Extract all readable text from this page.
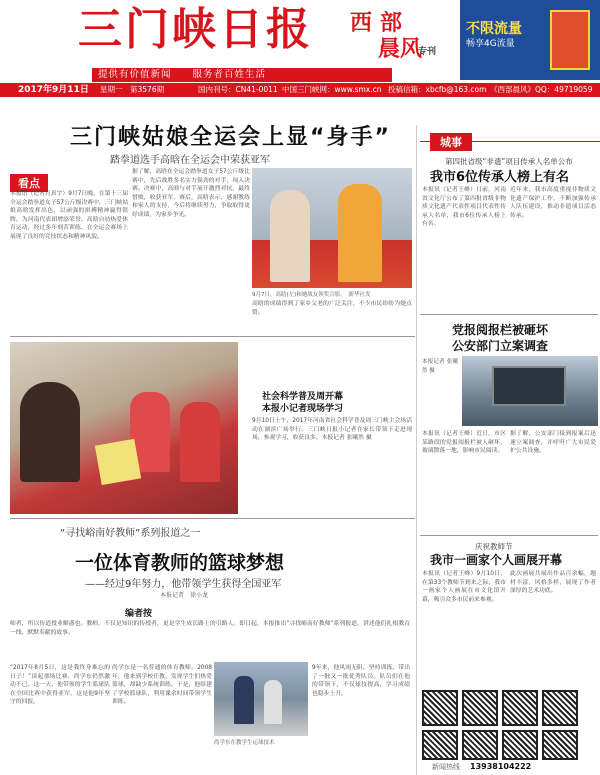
三门峡日报
提供有价值新闻　　服务者百姓生活
西 部
晨风
专刊
不限流量
畅享4G流量
2017年9月11日 星期一　第3576期	国内刊号：CN41-0011 中国三门峡网：www.smx.cn 投稿信箱：xbcfb@163.com 《西部晨风》QQ：49719059
三门峡姑娘全运会上显“身手”
踏拳道选手高晗在全运会中荣获亚军
看点
本报讯（记者肖真宇）9月7日晚，在第十三届全运会踏拳道女子57公斤级决赛中，三门峡姑娘高晗发挥出色，以顽强的拼搏精神赢得银牌，为河南代表团增添荣誉。高晗自幼热爱体育运动，经过多年刻苦训练，在全运会赛场上展现了良好的竞技状态和精神风貌。
据了解，高晗在全运会踏拳道女子57公斤级比赛中，先后战胜多名实力强劲的对手，闯入决赛。决赛中，高晗与对手展开激烈对抗，最终惜败，收获亚军。赛后，高晗表示，感谢教练和家人的支持，今后将继续努力，争取取得更好成绩，为家乡争光。
9月7日，高晗(左)和她战友领奖合影。　新华社发
高晗的成绩得到了家乡父老的广泛关注，不少市民纷纷为她点赞。
社会科学普及周开幕
本报小记者现场学习
9月10日上午，2017年河南省社会科学普及周三门峡主会场活动在湖滨广场举行。三门峡日报小记者在家长带领下走进现场，参观学习，收获良多。本报记者 张曦然 摄
“寻找峪南好教师”系列报道之一
一位体育教师的篮球梦想
——经过9年努力，他带领学生获得全国亚军
本报记者　徐小龙
编者按
师者，所以传道授业解惑也。教师，不仅是知识的传授者，更是学生成长路上的引路人。即日起，本报推出“寻找峪南好教师”系列报道，讲述他们扎根教育一线、默默奉献的故事。
“2017年8月5日，这是我终身难忘的日子！”谈起那场比赛，尚学东仍然激动不已。这一天，他带领的学生篮球队在全国比赛中获得亚军，这是他9年坚守的回报。
尚学东是一名普通的体育教师。2008年，他来到学校任教，发现学生们热爱篮球，却缺少系统训练。于是，他组建了学校篮球队，利用课余时间带领学生训练。
尚学东在教学生运球技术
9年来，他风雨无阻，坚持训练，带出了一批又一批优秀队员。队员们在他的带领下，不仅球技提高，学习成绩也稳步上升。
城事
第四批省级“非遗”项目传承人名单公布
我市6位传承人榜上有名
本报讯（记者王峰）日前，河南省文化厅公布了第四批省级非物质文化遗产代表性项目代表性传承人名单，我市6位传承人榜上有名。
近年来，我市高度重视非物质文化遗产保护工作，不断加强传承人队伍建设，推动非遗项目活态传承。
党报阅报栏被砸坏
公安部门立案调查
本报记者 张曦然 摄
本报讯（记者王峰）近日，市区某路段的党报阅报栏被人砸坏，玻璃散落一地，影响市民阅读。
据了解，公安部门接到报案后迅速立案调查，并呼吁广大市民爱护公共设施。
庆祝教师节
我市一画家个人画展开幕
本报讯（记者王峰）9月10日，在第33个教师节到来之际，我市一画家个人画展在市文化馆开幕，吸引众多市民前来参观。
此次画展共展出作品百余幅，题材丰富，风格多样，展现了作者深厚的艺术功底。
新闻热线 13938104222
